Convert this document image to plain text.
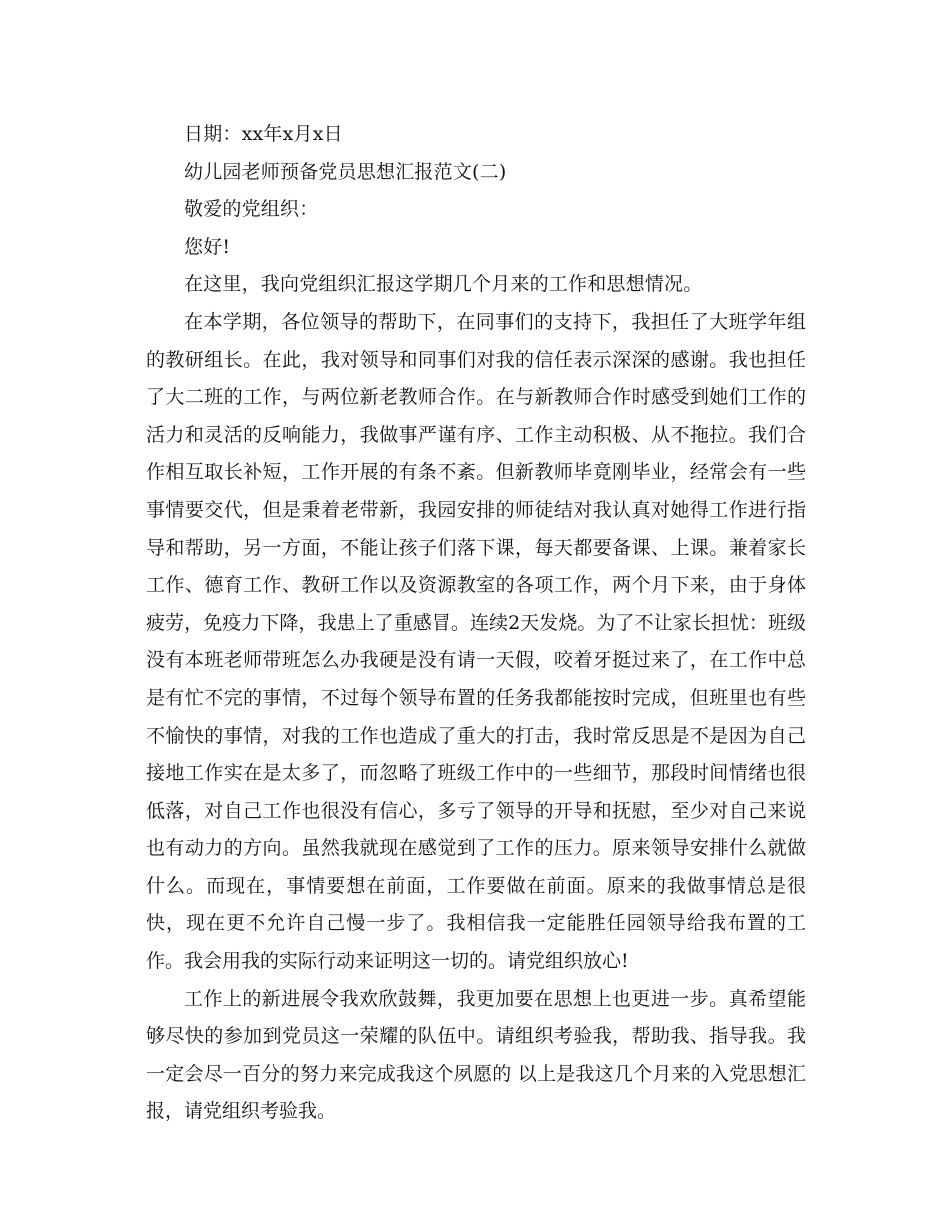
日期：xx年x月x日

幼儿园老师预备党员思想汇报范文(二)

敬爱的党组织：

您好!

在这里，我向党组织汇报这学期几个月来的工作和思想情况。

在本学期，各位领导的帮助下，在同事们的支持下，我担任了大班学年组的教研组长。在此，我对领导和同事们对我的信任表示深深的感谢。我也担任了大二班的工作，与两位新老教师合作。在与新教师合作时感受到她们工作的活力和灵活的反响能力，我做事严谨有序、工作主动积极、从不拖拉。我们合作相互取长补短，工作开展的有条不紊。但新教师毕竟刚毕业，经常会有一些事情要交代，但是秉着老带新，我园安排的师徒结对我认真对她得工作进行指导和帮助，另一方面，不能让孩子们落下课，每天都要备课、上课。兼着家长工作、德育工作、教研工作以及资源教室的各项工作，两个月下来，由于身体疲劳，免疫力下降，我患上了重感冒。连续2天发烧。为了不让家长担忧：班级没有本班老师带班怎么办我硬是没有请一天假，咬着牙挺过来了，在工作中总是有忙不完的事情，不过每个领导布置的任务我都能按时完成，但班里也有些不愉快的事情，对我的工作也造成了重大的打击，我时常反思是不是因为自己接地工作实在是太多了，而忽略了班级工作中的一些细节，那段时间情绪也很低落，对自己工作也很没有信心，多亏了领导的开导和抚慰，至少对自己来说也有动力的方向。虽然我就现在感觉到了工作的压力。原来领导安排什么就做什么。而现在，事情要想在前面，工作要做在前面。原来的我做事情总是很快，现在更不允许自己慢一步了。我相信我一定能胜任园领导给我布置的工作。我会用我的实际行动来证明这一切的。请党组织放心!

工作上的新进展令我欢欣鼓舞，我更加要在思想上也更进一步。真希望能够尽快的参加到党员这一荣耀的队伍中。请组织考验我，帮助我、指导我。我一定会尽一百分的努力来完成我这个夙愿的 以上是我这几个月来的入党思想汇报，请党组织考验我。
